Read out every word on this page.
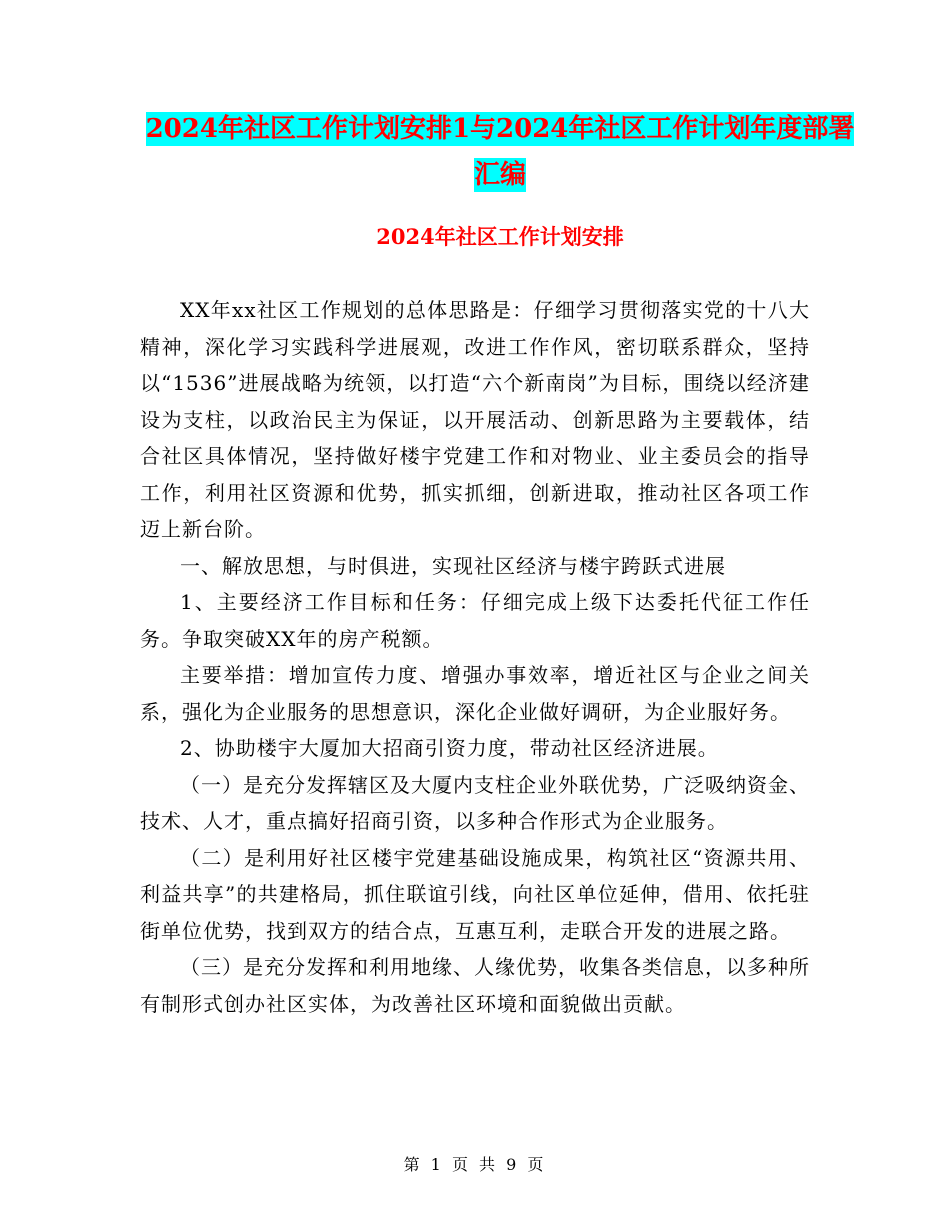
2024年社区工作计划安排1与2024年社区工作计划年度部署汇编
2024年社区工作计划安排

XX年xx社区工作规划的总体思路是：仔细学习贯彻落实党的十八大精神，深化学习实践科学进展观，改进工作作风，密切联系群众，坚持以“1536”进展战略为统领，以打造“六个新南岗”为目标，围绕以经济建设为支柱，以政治民主为保证，以开展活动、创新思路为主要载体，结合社区具体情况，坚持做好楼宇党建工作和对物业、业主委员会的指导工作，利用社区资源和优势，抓实抓细，创新进取，推动社区各项工作迈上新台阶。

一、解放思想，与时俱进，实现社区经济与楼宇跨跃式进展

1、主要经济工作目标和任务：仔细完成上级下达委托代征工作任务。争取突破XX年的房产税额。

主要举措：增加宣传力度、增强办事效率，增近社区与企业之间关系，强化为企业服务的思想意识，深化企业做好调研，为企业服好务。

2、协助楼宇大厦加大招商引资力度，带动社区经济进展。

（一）是充分发挥辖区及大厦内支柱企业外联优势，广泛吸纳资金、技术、人才，重点搞好招商引资，以多种合作形式为企业服务。

（二）是利用好社区楼宇党建基础设施成果，构筑社区“资源共用、利益共享”的共建格局，抓住联谊引线，向社区单位延伸，借用、依托驻街单位优势，找到双方的结合点，互惠互利，走联合开发的进展之路。

（三）是充分发挥和利用地缘、人缘优势，收集各类信息，以多种所有制形式创办社区实体，为改善社区环境和面貌做出贡献。

第 1 页 共 9 页
